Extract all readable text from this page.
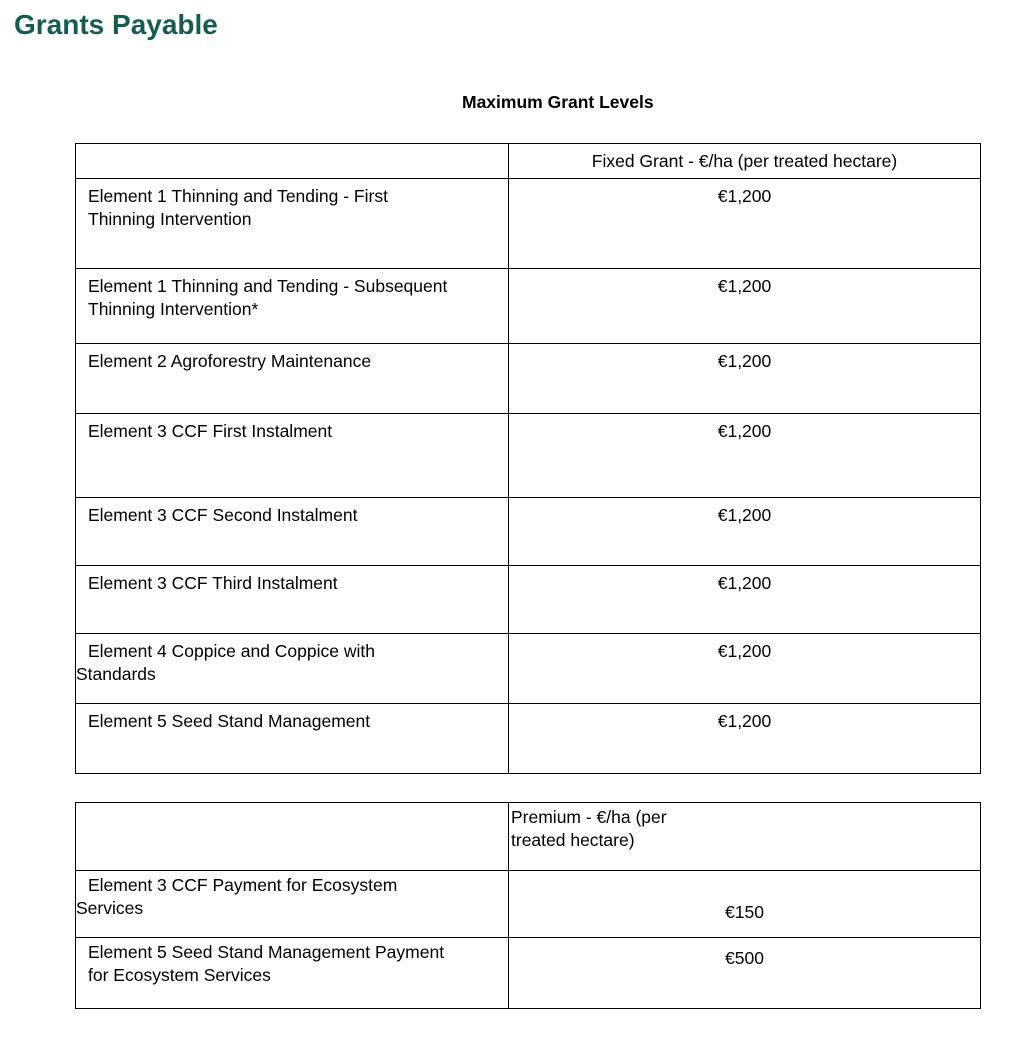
Grants Payable
Maximum Grant Levels
	Fixed Grant - €/ha (per treated hectare)
Element 1 Thinning and Tending - First Thinning Intervention	€1,200
Element 1 Thinning and Tending - Subsequent Thinning Intervention*	€1,200
Element 2 Agroforestry Maintenance	€1,200
Element 3 CCF First Instalment	€1,200
Element 3 CCF Second Instalment	€1,200
Element 3 CCF Third Instalment	€1,200
Element 4 Coppice and Coppice with Standards	€1,200
Element 5 Seed Stand Management	€1,200
	Premium - €/ha (per treated hectare)
Element 3 CCF Payment for Ecosystem Services	€150
Element 5 Seed Stand Management Payment for Ecosystem Services	€500
